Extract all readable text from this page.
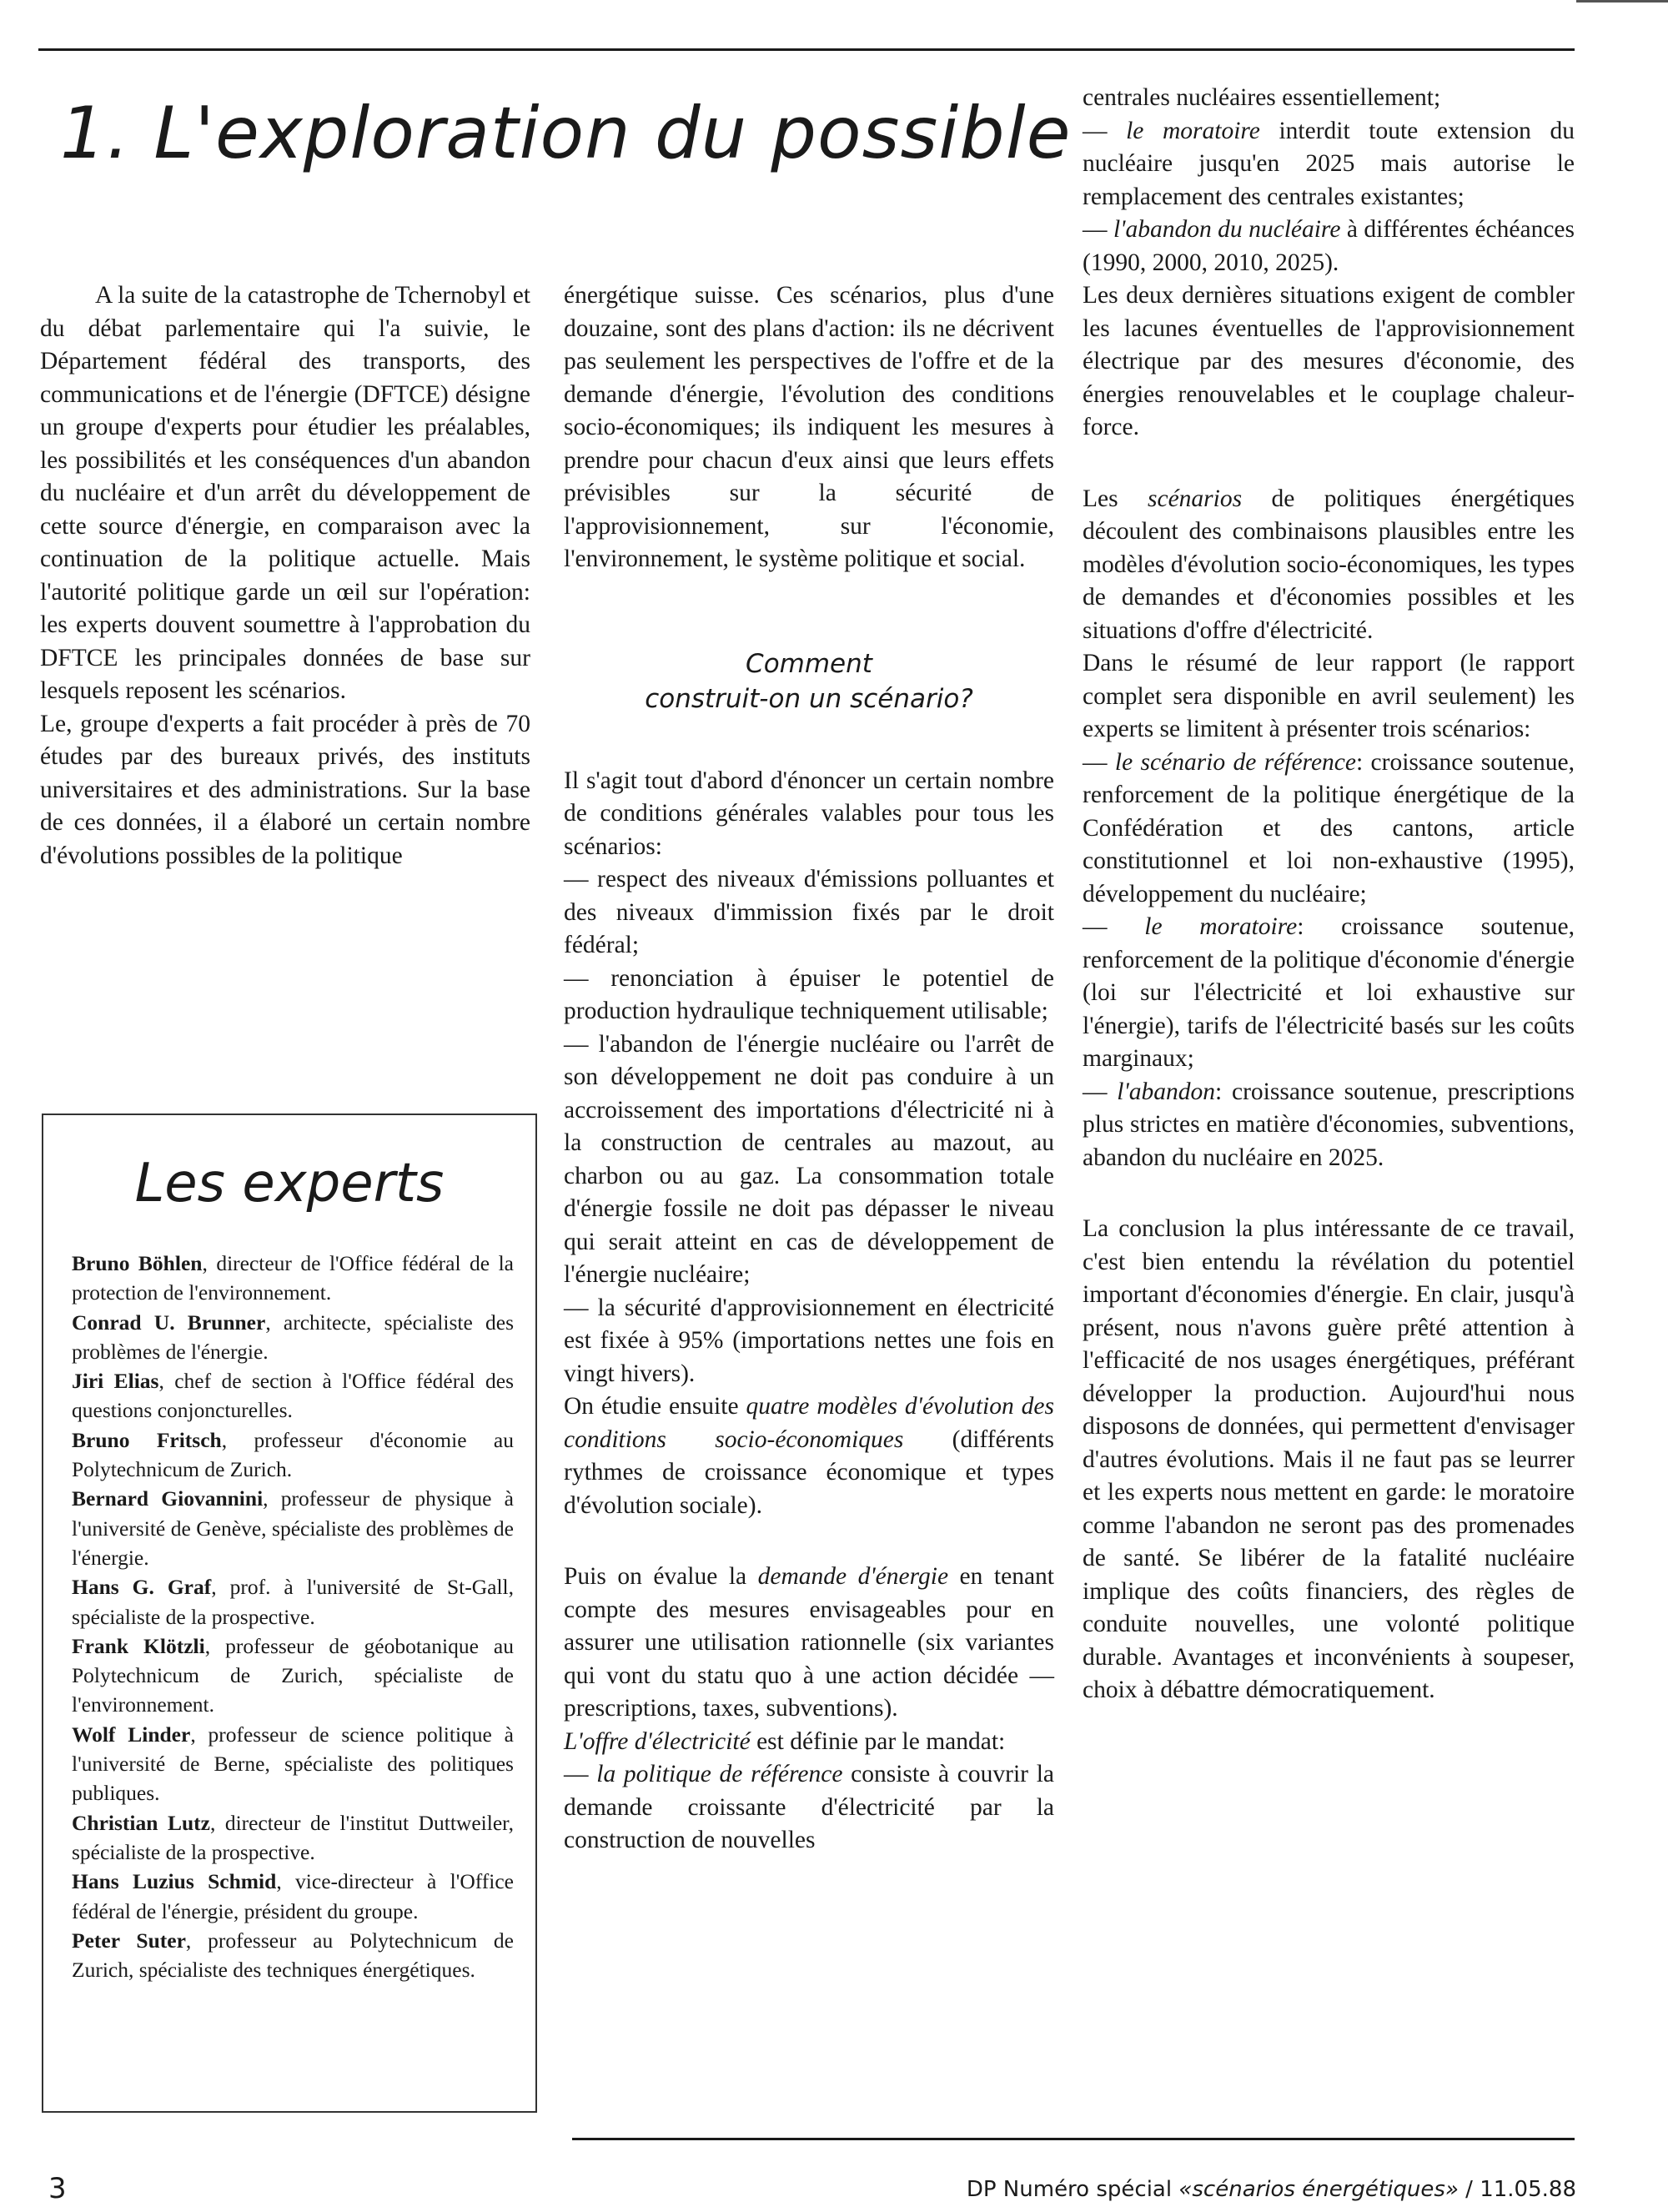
1. L'exploration du possible

A la suite de la catastrophe de Tchernobyl et du débat parlementaire qui l'a suivie, le Département fédéral des transports, des communications et de l'énergie (DFTCE) désigne un groupe d'experts pour étudier les préalables, les possibilités et les conséquences d'un abandon du nucléaire et d'un arrêt du développement de cette source d'énergie, en comparaison avec la continuation de la politique actuelle. Mais l'autorité politique garde un œil sur l'opération: les experts douvent soumettre à l'approbation du DFTCE les principales données de base sur lesquels reposent les scénarios.

Le, groupe d'experts a fait procéder à près de 70 études par des bureaux privés, des instituts universitaires et des administrations. Sur la base de ces données, il a élaboré un certain nombre d'évolutions possibles de la politique

énergétique suisse. Ces scénarios, plus d'une douzaine, sont des plans d'action: ils ne décrivent pas seulement les perspectives de l'offre et de la demande d'énergie, l'évolution des conditions socio-économiques; ils indiquent les mesures à prendre pour chacun d'eux ainsi que leurs effets prévisibles sur la sécurité de l'approvisionnement, sur l'économie, l'environnement, le système politique et social.

Comment
construit-on un scénario?

Il s'agit tout d'abord d'énoncer un certain nombre de conditions générales valables pour tous les scénarios:

— respect des niveaux d'émissions polluantes et des niveaux d'immission fixés par le droit fédéral;

— renonciation à épuiser le potentiel de production hydraulique techniquement utilisable;

— l'abandon de l'énergie nucléaire ou l'arrêt de son développement ne doit pas conduire à un accroissement des importations d'électricité ni à la construction de centrales au mazout, au charbon ou au gaz. La consommation totale d'énergie fossile ne doit pas dépasser le niveau qui serait atteint en cas de développement de l'énergie nucléaire;

— la sécurité d'approvisionnement en électricité est fixée à 95% (importations nettes une fois en vingt hivers).

On étudie ensuite quatre modèles d'évolution des conditions socio-économiques (différents rythmes de croissance économique et types d'évolution sociale).

Puis on évalue la demande d'énergie en tenant compte des mesures envisageables pour en assurer une utilisation rationnelle (six variantes qui vont du statu quo à une action décidée — prescriptions, taxes, subventions).

L'offre d'électricité est définie par le mandat:

— la politique de référence consiste à couvrir la demande croissante d'électricité par la construction de nouvelles

centrales nucléaires essentiellement;

— le moratoire interdit toute extension du nucléaire jusqu'en 2025 mais autorise le remplacement des centrales existantes;

— l'abandon du nucléaire à différentes échéances (1990, 2000, 2010, 2025).

Les deux dernières situations exigent de combler les lacunes éventuelles de l'approvisionnement électrique par des mesures d'économie, des énergies renouvelables et le couplage chaleur-force.

Les scénarios de politiques énergétiques découlent des combinaisons plausibles entre les modèles d'évolution socio-économiques, les types de demandes et d'économies possibles et les situations d'offre d'électricité.

Dans le résumé de leur rapport (le rapport complet sera disponible en avril seulement) les experts se limitent à présenter trois scénarios:

— le scénario de référence: croissance soutenue, renforcement de la politique énergétique de la Confédération et des cantons, article constitutionnel et loi non-exhaustive (1995), développement du nucléaire;

— le moratoire: croissance soutenue, renforcement de la politique d'économie d'énergie (loi sur l'électricité et loi exhaustive sur l'énergie), tarifs de l'électricité basés sur les coûts marginaux;

— l'abandon: croissance soutenue, prescriptions plus strictes en matière d'économies, subventions, abandon du nucléaire en 2025.

La conclusion la plus intéressante de ce travail, c'est bien entendu la révélation du potentiel important d'économies d'énergie. En clair, jusqu'à présent, nous n'avons guère prêté attention à l'efficacité de nos usages énergétiques, préférant développer la production. Aujourd'hui nous disposons de données, qui permettent d'envisager d'autres évolutions. Mais il ne faut pas se leurrer et les experts nous mettent en garde: le moratoire comme l'abandon ne seront pas des promenades de santé. Se libérer de la fatalité nucléaire implique des coûts financiers, des règles de conduite nouvelles, une volonté politique durable. Avantages et inconvénients à soupeser, choix à débattre démocratiquement.

Les experts

Bruno Böhlen, directeur de l'Office fédéral de la protection de l'environnement.

Conrad U. Brunner, architecte, spécialiste des problèmes de l'énergie.

Jiri Elias, chef de section à l'Office fédéral des questions conjoncturelles.

Bruno Fritsch, professeur d'économie au Polytechnicum de Zurich.

Bernard Giovannini, professeur de physique à l'université de Genève, spécialiste des problèmes de l'énergie.

Hans G. Graf, prof. à l'université de St-Gall, spécialiste de la prospective.

Frank Klötzli, professeur de géobotanique au Polytechnicum de Zurich, spécialiste de l'environnement.

Wolf Linder, professeur de science politique à l'université de Berne, spécialiste des politiques publiques.

Christian Lutz, directeur de l'institut Duttweiler, spécialiste de la prospective.

Hans Luzius Schmid, vice-directeur à l'Office fédéral de l'énergie, président du groupe.

Peter Suter, professeur au Polytechnicum de Zurich, spécialiste des techniques énergétiques.

3	DP Numéro spécial «scénarios énergétiques» / 11.05.88
